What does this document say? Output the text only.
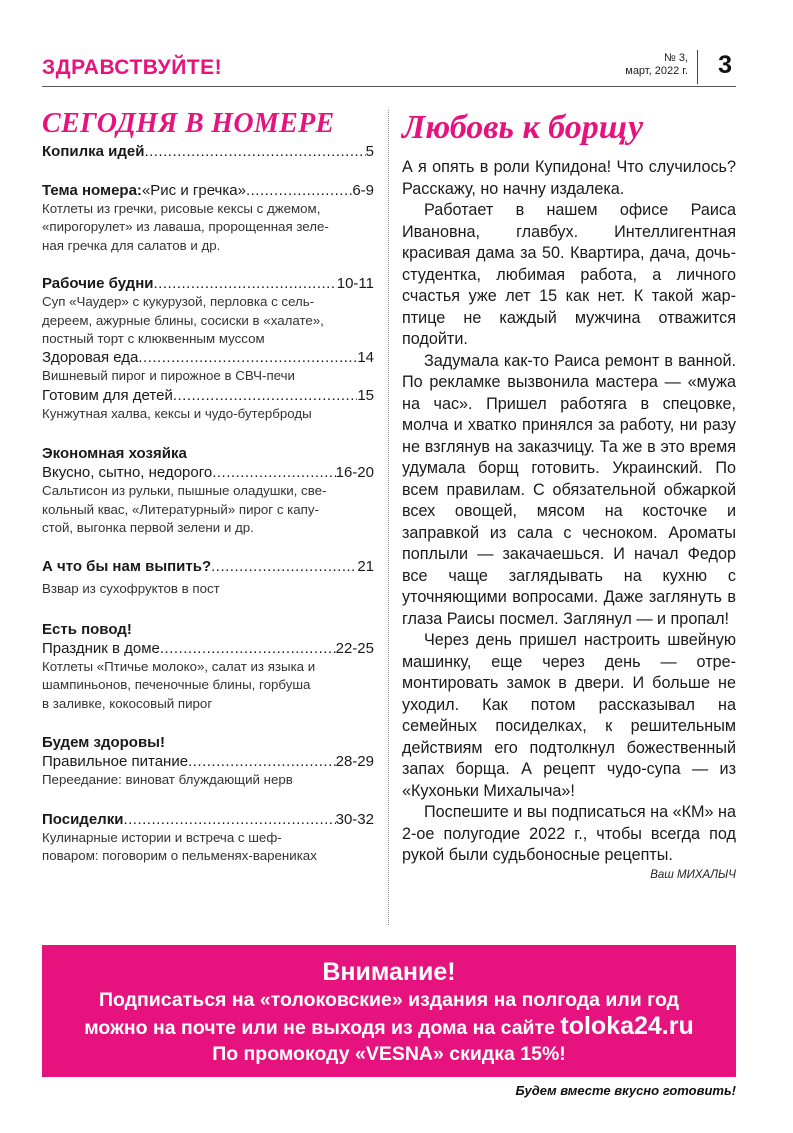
ЗДРАВСТВУЙТЕ!	№ 3,
март, 2022 г. 3
СЕГОДНЯ В НОМЕРЕ
Копилка идей .....	5
Тема номера: «Рис и гречка» .....	6-9
Котлеты из гречки, рисовые кексы с джемом,
«пирогорулет» из лаваша, пророщенная зеле-
ная гречка для салатов и др.
Рабочие будни .....	10-11
Суп «Чаудер» с кукурузой, перловка с сель-
дереем, ажурные блины, сосиски в «халате»,
постный торт с клюквенным муссом
Здоровая еда .....	14
Вишневый пирог и пирожное в СВЧ-печи
Готовим для детей .....	15
Кунжутная халва, кексы и чудо-бутерброды
Экономная хозяйка
Вкусно, сытно, недорого .....	16-20
Сальтисон из рульки, пышные оладушки, све-
кольный квас, «Литературный» пирог с капу-
стой, выгонка первой зелени и др.
А что бы нам выпить? .....	21
Взвар из сухофруктов в пост
Есть повод!
Праздник в доме .....	22-25
Котлеты «Птичье молоко», салат из языка и
шампиньонов, печеночные блины, горбуша
в заливке, кокосовый пирог
Будем здоровы!
Правильное питание .....	28-29
Переедание: виноват блуждающий нерв
Посиделки .....	30-32
Кулинарные истории и встреча с шеф-
поваром: поговорим о пельменях-варениках
Любовь к борщу

А я опять в роли Купидона! Что случилось? Расскажу, но начну издалека.

Работает в нашем офисе Раиса Ивановна, главбух. Интеллигентная красивая дама за 50. Квартира, дача, дочь-студентка, любимая работа, а личного счастья уже лет 15 как нет. К такой жар-птице не каждый мужчина отважится подойти.

Задумала как-то Раиса ремонт в ванной. По рекламке вызвонила мастера — «мужа на час». Пришел работяга в спецовке, молча и хватко принялся за работу, ни разу не взглянув на заказчицу. Та же в это время удумала борщ готовить. Украинский. По всем правилам. С обязательной обжаркой всех овощей, мясом на косточке и заправкой из сала с чесноком. Ароматы поплыли — закачаешься. И начал Федор все чаще заглядывать на кухню с уточняющими вопросами. Даже заглянуть в глаза Раисы посмел. Заглянул — и пропал!

Через день пришел настроить швейную машинку, еще через день — отремонтировать замок в двери. И больше не уходил. Как потом рассказывал на семейных посиделках, к решительным действиям его подтолкнул божественный запах борща. А рецепт чудо-супа — из «Кухоньки Михалыча»!

Поспешите и вы подписаться на «КМ» на 2-ое полугодие 2022 г., чтобы всегда под рукой были судьбоносные рецепты.

Ваш МИХАЛЫЧ
Внимание!
Подписаться на «толоковские» издания на полгода или год
можно на почте или не выходя из дома на сайте toloka24.ru
По промокоду «VESNA» скидка 15%!
Будем вместе вкусно готовить!
